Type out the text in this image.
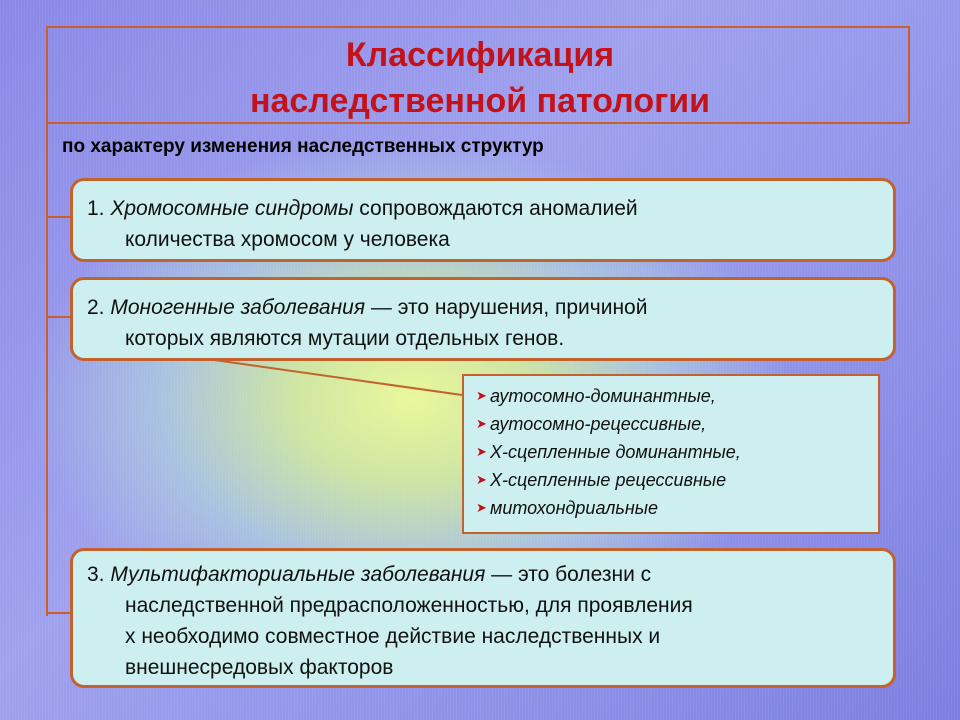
Классификация
наследственной патологии
по характеру изменения наследственных структур
1. Хромосомные синдромы сопровождаются аномалией
количества хромосом у человека
2. Моногенные заболевания — это нарушения, причиной
которых являются мутации отдельных генов.
➤ аутосомно-доминантные,
➤ аутосомно-рецессивные,
➤ Х-сцепленные доминантные,
➤ Х-сцепленные рецессивные
➤ митохондриальные
3. Мультифакториальные заболевания — это болезни с
наследственной предрасположенностью, для проявления
х необходимо совместное действие наследственных и
внешнесредовых факторов
